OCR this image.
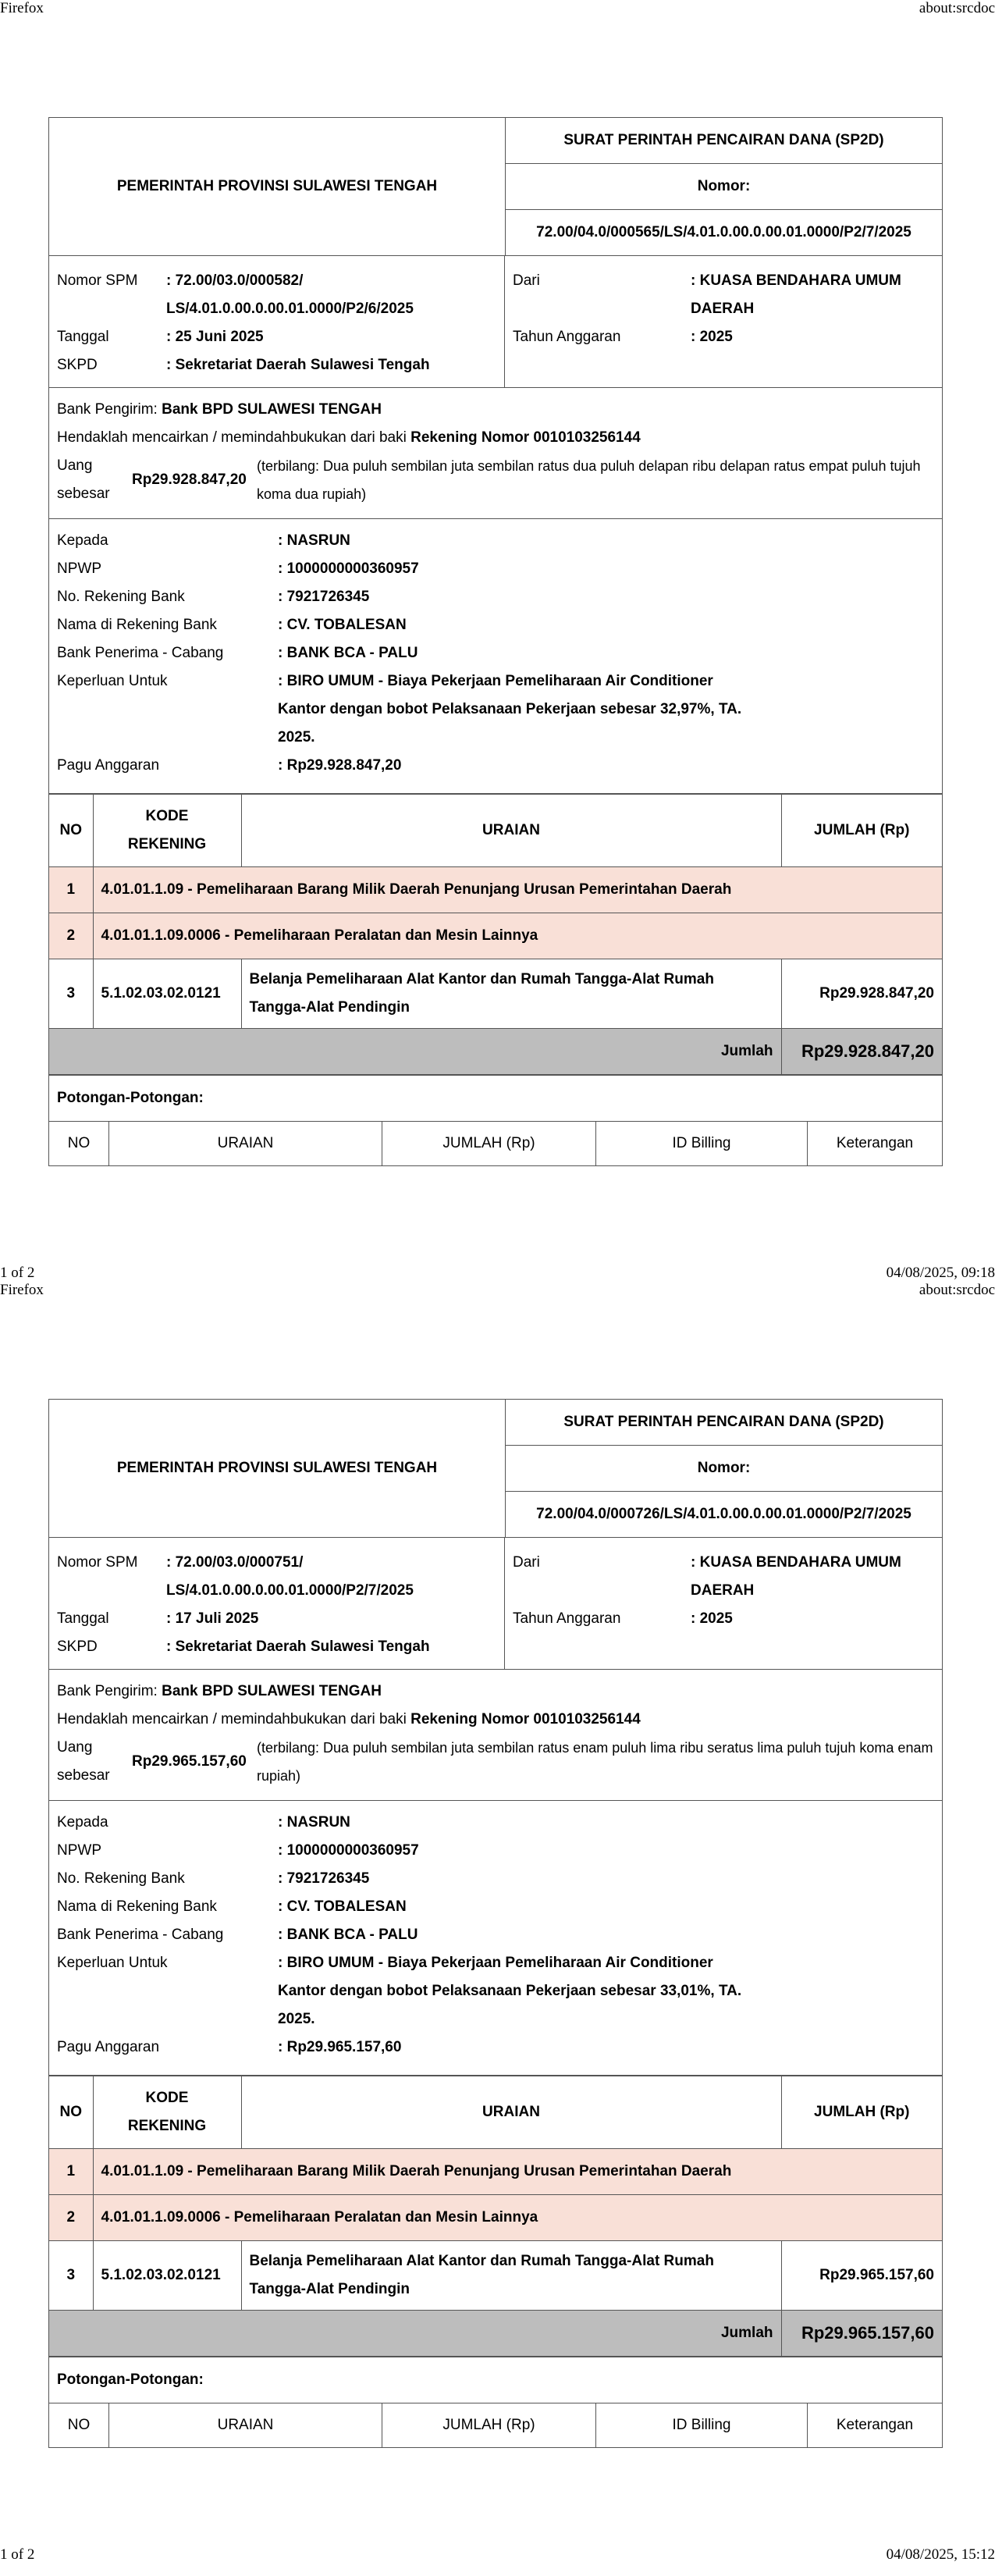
Firefox	about:srcdoc
PEMERINTAH PROVINSI SULAWESI TENGAH
SURAT PERINTAH PENCAIRAN DANA (SP2D)
Nomor:
72.00/04.0/000565/LS/4.01.0.00.0.00.01.0000/P2/7/2025
Nomor SPM	: 72.00/03.0/000582/
LS/4.01.0.00.0.00.01.0000/P2/6/2025
Tanggal	: 25 Juni 2025
SKPD	: Sekretariat Daerah Sulawesi Tengah
Dari	: KUASA BENDAHARA UMUM
DAERAH
Tahun Anggaran	: 2025
Bank Pengirim: Bank BPD SULAWESI TENGAH
Hendaklah mencairkan / memindahbukukan dari baki Rekening Nomor 0010103256144
Uang
sebesar
Rp29.928.847,20
(terbilang: Dua puluh sembilan juta sembilan ratus dua puluh delapan ribu delapan ratus empat puluh tujuh koma dua rupiah)
Kepada	: NASRUN
NPWP	: 1000000000360957
No. Rekening Bank	: 7921726345
Nama di Rekening Bank	: CV. TOBALESAN
Bank Penerima - Cabang	: BANK BCA - PALU
Keperluan Untuk	: BIRO UMUM - Biaya Pekerjaan Pemeliharaan Air Conditioner
Kantor dengan bobot Pelaksanaan Pekerjaan sebesar 32,97%, TA.
2025.
Pagu Anggaran	: Rp29.928.847,20
NO	KODE
REKENING	URAIAN	JUMLAH (Rp)
1	4.01.01.1.09 - Pemeliharaan Barang Milik Daerah Penunjang Urusan Pemerintahan Daerah		
2	4.01.01.1.09.0006 - Pemeliharaan Peralatan dan Mesin Lainnya		
3	5.1.02.03.02.0121	Belanja Pemeliharaan Alat Kantor dan Rumah Tangga-Alat Rumah
Tangga-Alat Pendingin	Rp29.928.847,20
Jumlah			Rp29.928.847,20
Potongan-Potongan:
NO	URAIAN	JUMLAH (Rp)	ID Billing	Keterangan
1 of 2	04/08/2025, 09:18
Firefox	about:srcdoc
PEMERINTAH PROVINSI SULAWESI TENGAH
SURAT PERINTAH PENCAIRAN DANA (SP2D)
Nomor:
72.00/04.0/000726/LS/4.01.0.00.0.00.01.0000/P2/7/2025
Nomor SPM	: 72.00/03.0/000751/
LS/4.01.0.00.0.00.01.0000/P2/7/2025
Tanggal	: 17 Juli 2025
SKPD	: Sekretariat Daerah Sulawesi Tengah
Dari	: KUASA BENDAHARA UMUM
DAERAH
Tahun Anggaran	: 2025
Bank Pengirim: Bank BPD SULAWESI TENGAH
Hendaklah mencairkan / memindahbukukan dari baki Rekening Nomor 0010103256144
Uang
sebesar
Rp29.965.157,60
(terbilang: Dua puluh sembilan juta sembilan ratus enam puluh lima ribu seratus lima puluh tujuh koma enam rupiah)
Kepada	: NASRUN
NPWP	: 1000000000360957
No. Rekening Bank	: 7921726345
Nama di Rekening Bank	: CV. TOBALESAN
Bank Penerima - Cabang	: BANK BCA - PALU
Keperluan Untuk	: BIRO UMUM - Biaya Pekerjaan Pemeliharaan Air Conditioner
Kantor dengan bobot Pelaksanaan Pekerjaan sebesar 33,01%, TA.
2025.
Pagu Anggaran	: Rp29.965.157,60
NO	KODE
REKENING	URAIAN	JUMLAH (Rp)
1	4.01.01.1.09 - Pemeliharaan Barang Milik Daerah Penunjang Urusan Pemerintahan Daerah		
2	4.01.01.1.09.0006 - Pemeliharaan Peralatan dan Mesin Lainnya		
3	5.1.02.03.02.0121	Belanja Pemeliharaan Alat Kantor dan Rumah Tangga-Alat Rumah
Tangga-Alat Pendingin	Rp29.965.157,60
Jumlah			Rp29.965.157,60
Potongan-Potongan:
NO	URAIAN	JUMLAH (Rp)	ID Billing	Keterangan
1 of 2	04/08/2025, 15:12
